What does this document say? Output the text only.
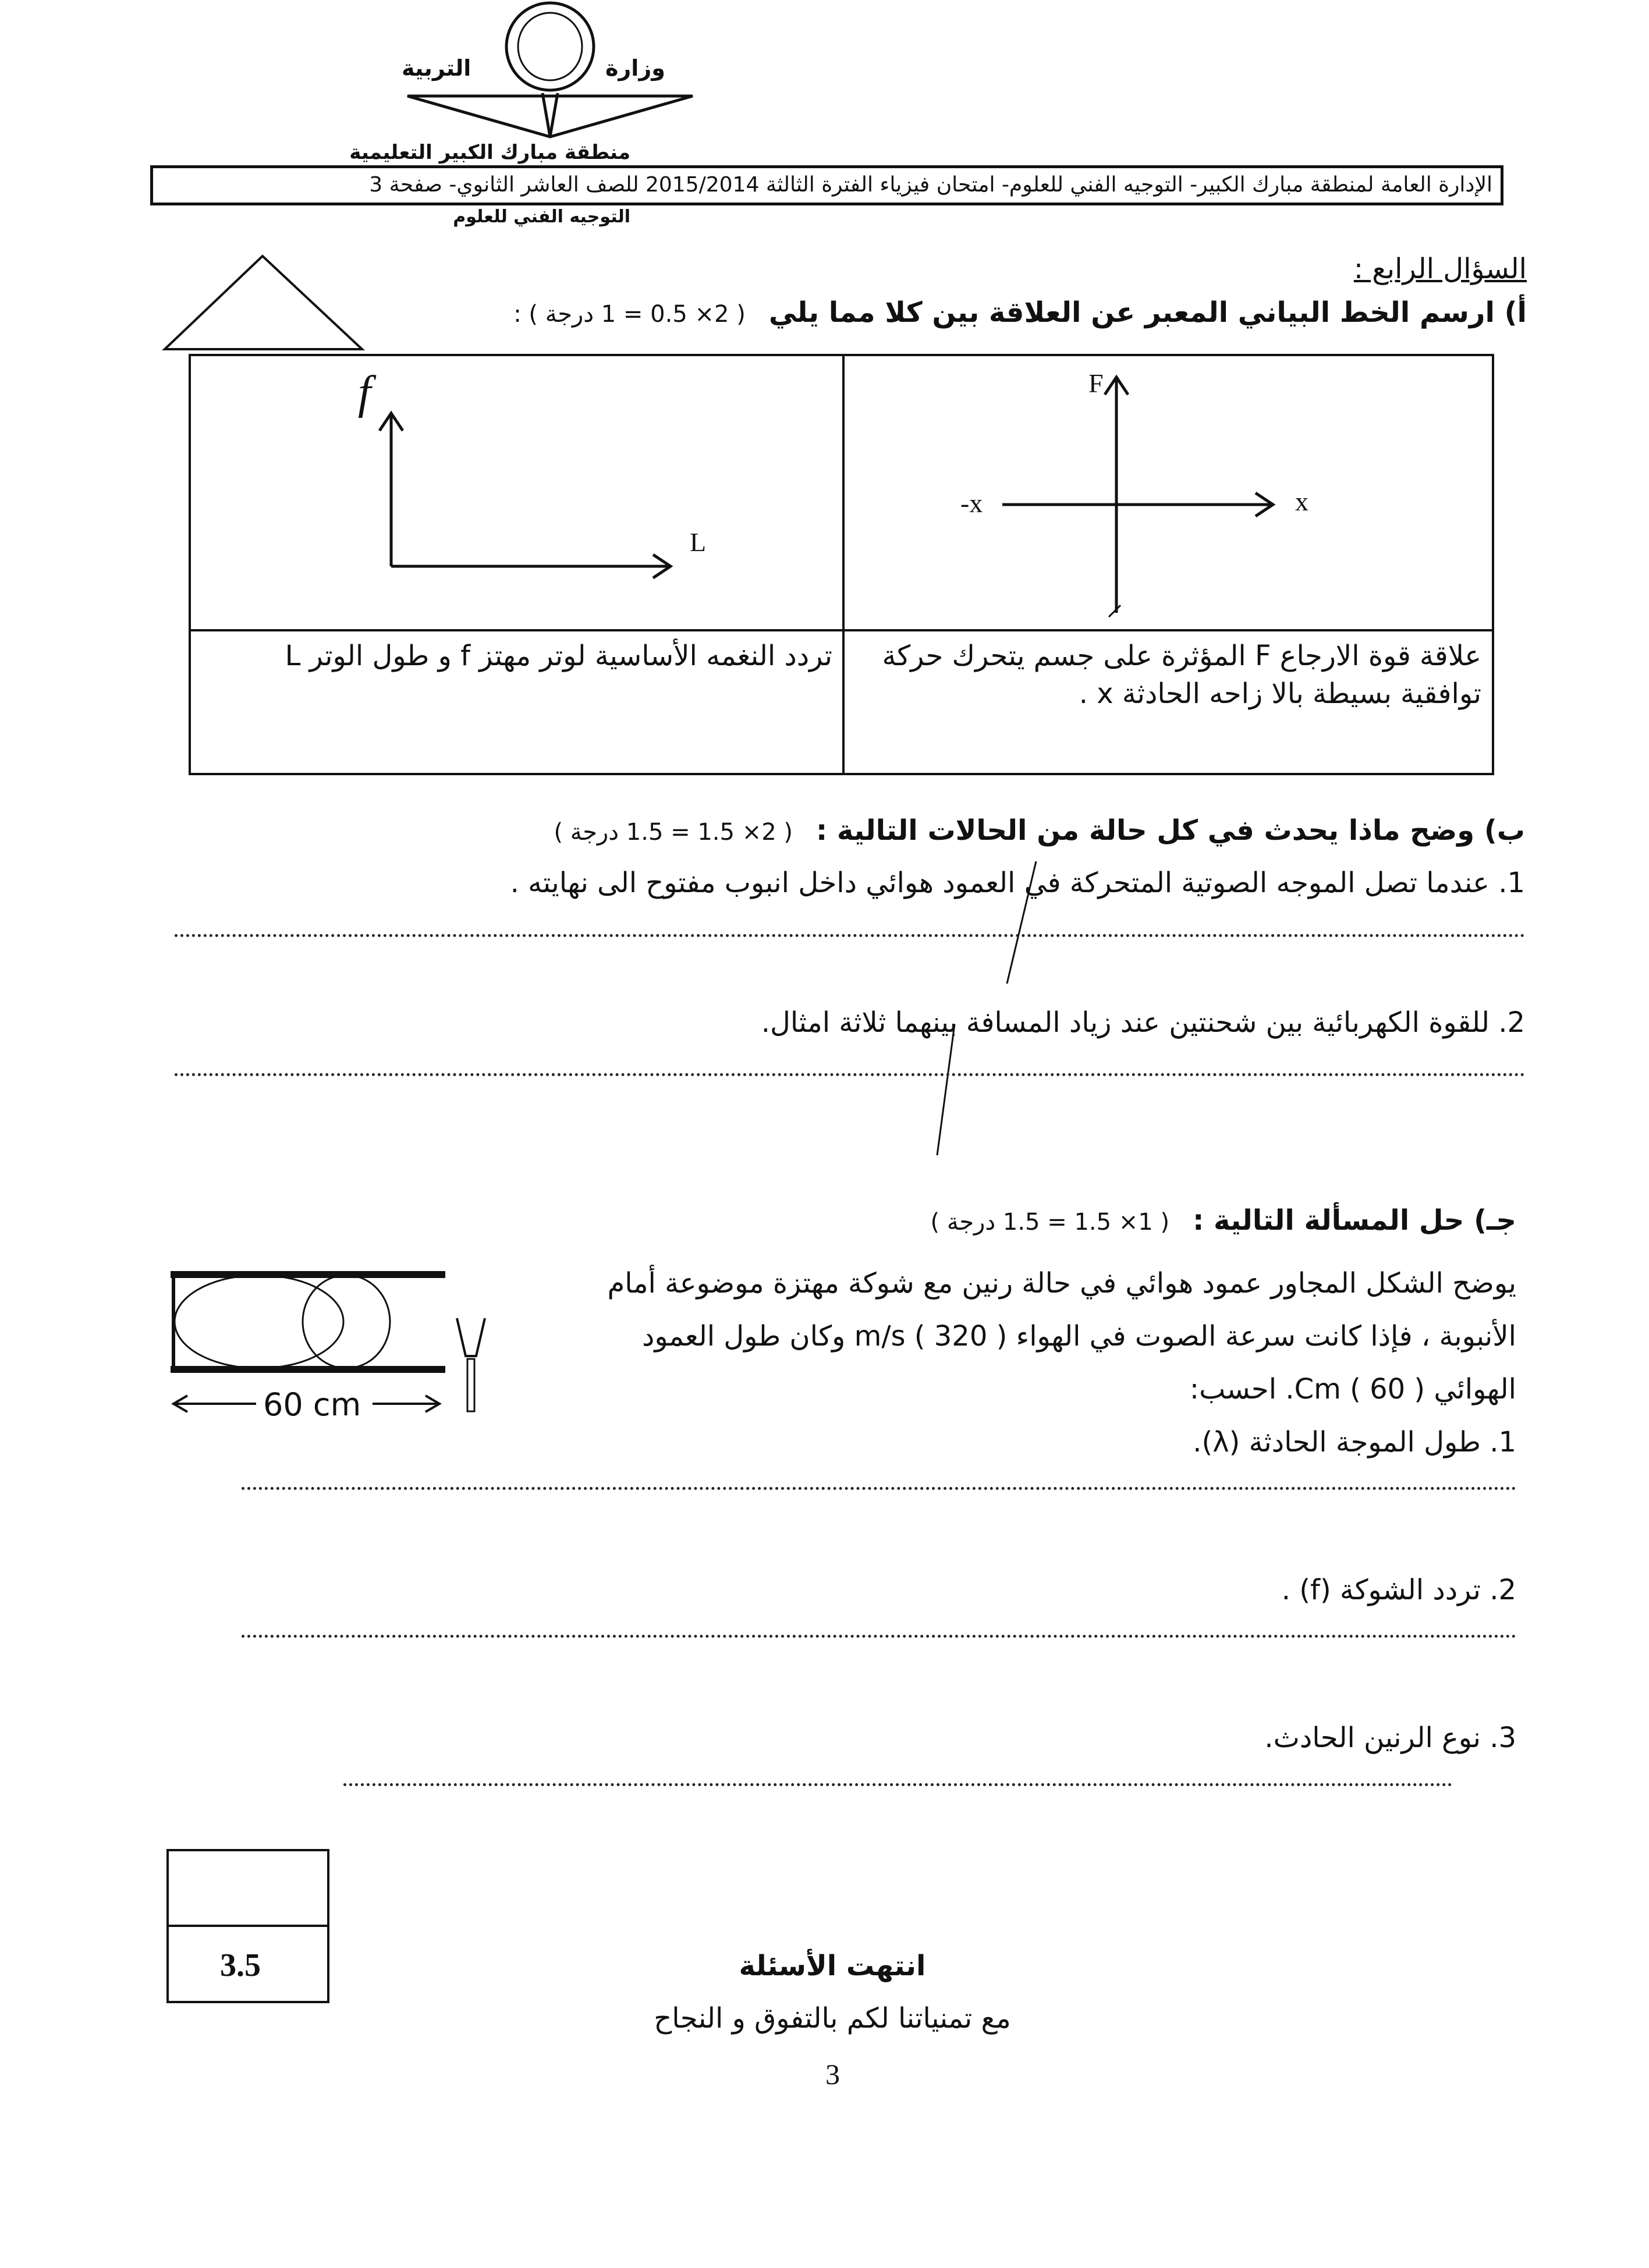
وزارة
التربية
منطقة مبارك الكبير التعليمية
الإدارة العامة لمنطقة مبارك الكبير- التوجيه الفني للعلوم- امتحان فيزياء الفترة الثالثة 2015/2014 للصف العاشر الثانوي- صفحة 3
التوجيه الفني للعلوم
السؤال الرابع :
أ) ارسم الخط البياني المعبر عن العلاقة بين كلا مما يلي
( 2× 0.5 = 1 درجة ) :
F
-x	x
f
L
علاقة قوة الارجاع F المؤثرة على جسم يتحرك حركة
توافقية بسيطة بالا زاحه الحادثة x .
تردد النغمه الأساسية لوتر مهتز f و طول الوتر L
ب) وضح ماذا يحدث في كل حالة من الحالات التالية :
( 2× 1.5 = 1.5 درجة )
1. عندما تصل الموجه الصوتية المتحركة في العمود هوائي داخل انبوب مفتوح الى نهايته .
2. للقوة الكهربائية بين شحنتين عند زياد المسافة بينهما ثلاثة امثال.
60 cm
جـ) حل المسألة التالية :
( 1× 1.5 = 1.5 درجة )
يوضح الشكل المجاور عمود هوائي في حالة رنين مع شوكة مهتزة موضوعة أمام
الأنبوبة ، فإذا كانت سرعة الصوت في الهواء m/s ( 320 ) وكان طول العمود
الهوائي Cm ( 60 ). احسب:
1. طول الموجة الحادثة (λ).
2. تردد الشوكة (f) .
3. نوع الرنين الحادث.
3.5	انتهت الأسئلة
مع تمنياتنا لكم بالتفوق و النجاح
3
